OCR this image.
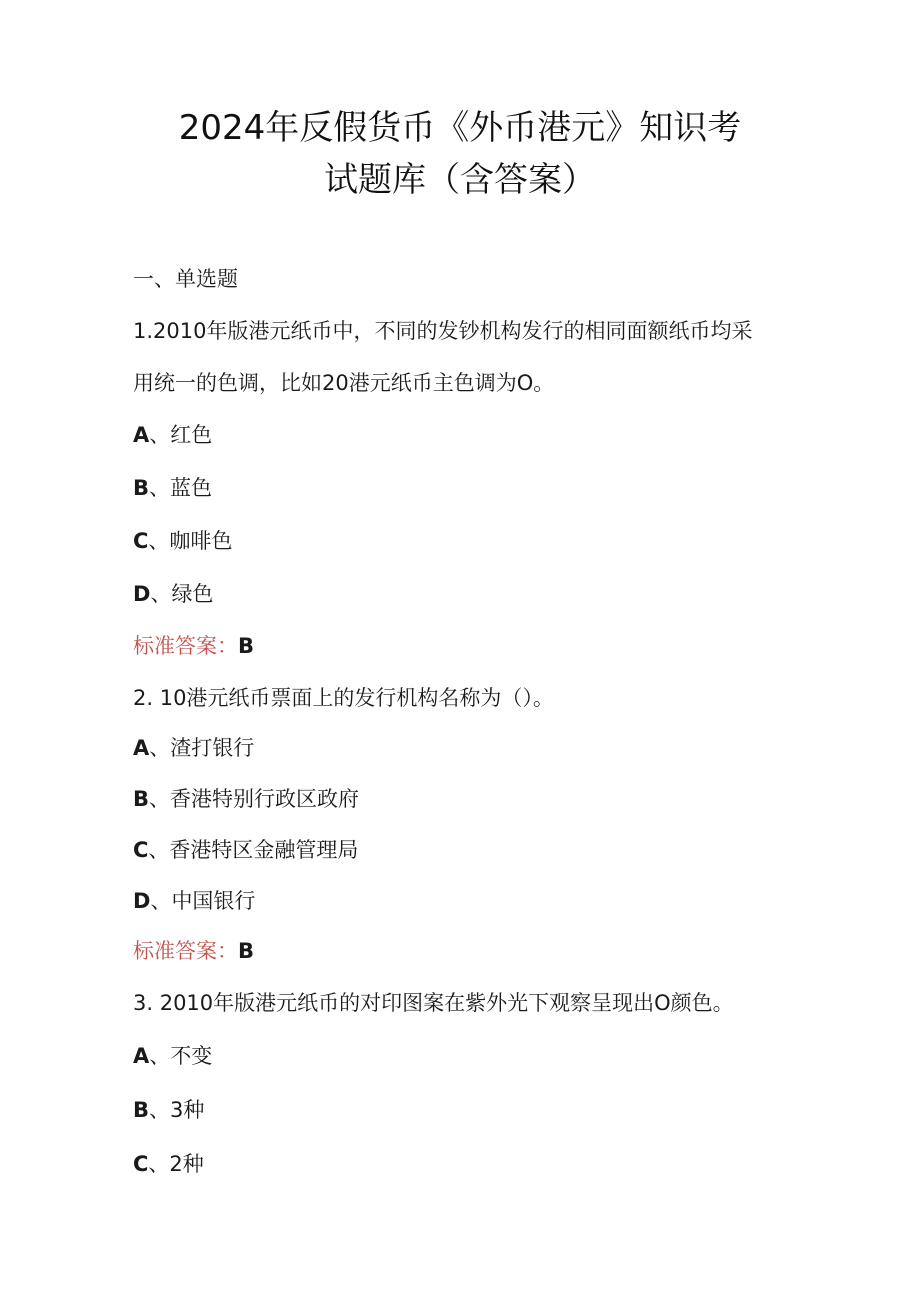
2024年反假货币《外币港元》知识考
试题库（含答案）
一、单选题
1.2010年版港元纸币中，不同的发钞机构发行的相同面额纸币均采
用统一的色调，比如20港元纸币主色调为O。
A、红色
B、蓝色
C、咖啡色
D、绿色
标准答案：B
2. 10港元纸币票面上的发行机构名称为（）。
A、渣打银行
B、香港特别行政区政府
C、香港特区金融管理局
D、中国银行
标准答案：B
3. 2010年版港元纸币的对印图案在紫外光下观察呈现出O颜色。
A、不变
B、3种
C、2种
